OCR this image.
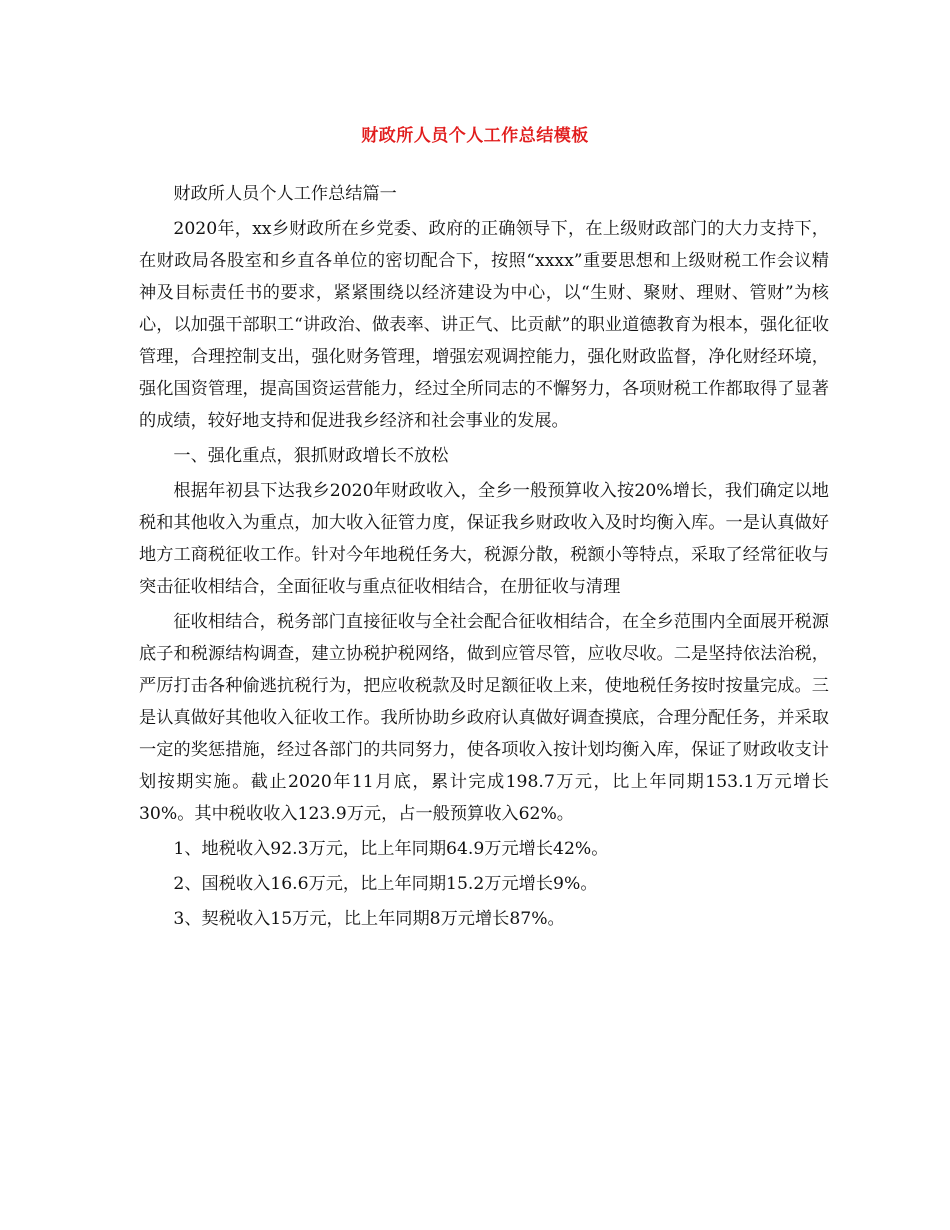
财政所人员个人工作总结模板

财政所人员个人工作总结篇一

2020年，xx乡财政所在乡党委、政府的正确领导下，在上级财政部门的大力支持下，在财政局各股室和乡直各单位的密切配合下，按照“xxxx”重要思想和上级财税工作会议精神及目标责任书的要求，紧紧围绕以经济建设为中心，以“生财、聚财、理财、管财”为核心，以加强干部职工“讲政治、做表率、讲正气、比贡献”的职业道德教育为根本，强化征收管理，合理控制支出，强化财务管理，增强宏观调控能力，强化财政监督，净化财经环境，强化国资管理，提高国资运营能力，经过全所同志的不懈努力，各项财税工作都取得了显著的成绩，较好地支持和促进我乡经济和社会事业的发展。

一、强化重点，狠抓财政增长不放松

根据年初县下达我乡2020年财政收入，全乡一般预算收入按20%增长，我们确定以地税和其他收入为重点，加大收入征管力度，保证我乡财政收入及时均衡入库。一是认真做好地方工商税征收工作。针对今年地税任务大，税源分散，税额小等特点，采取了经常征收与突击征收相结合，全面征收与重点征收相结合，在册征收与清理

征收相结合，税务部门直接征收与全社会配合征收相结合，在全乡范围内全面展开税源底子和税源结构调查，建立协税护税网络，做到应管尽管，应收尽收。二是坚持依法治税，严厉打击各种偷逃抗税行为，把应收税款及时足额征收上来，使地税任务按时按量完成。三是认真做好其他收入征收工作。我所协助乡政府认真做好调查摸底，合理分配任务，并采取一定的奖惩措施，经过各部门的共同努力，使各项收入按计划均衡入库，保证了财政收支计划按期实施。截止2020年11月底，累计完成198.7万元，比上年同期153.1万元增长30%。其中税收收入123.9万元，占一般预算收入62%。

1、地税收入92.3万元，比上年同期64.9万元增长42%。

2、国税收入16.6万元，比上年同期15.2万元增长9%。

3、契税收入15万元，比上年同期8万元增长87%。
